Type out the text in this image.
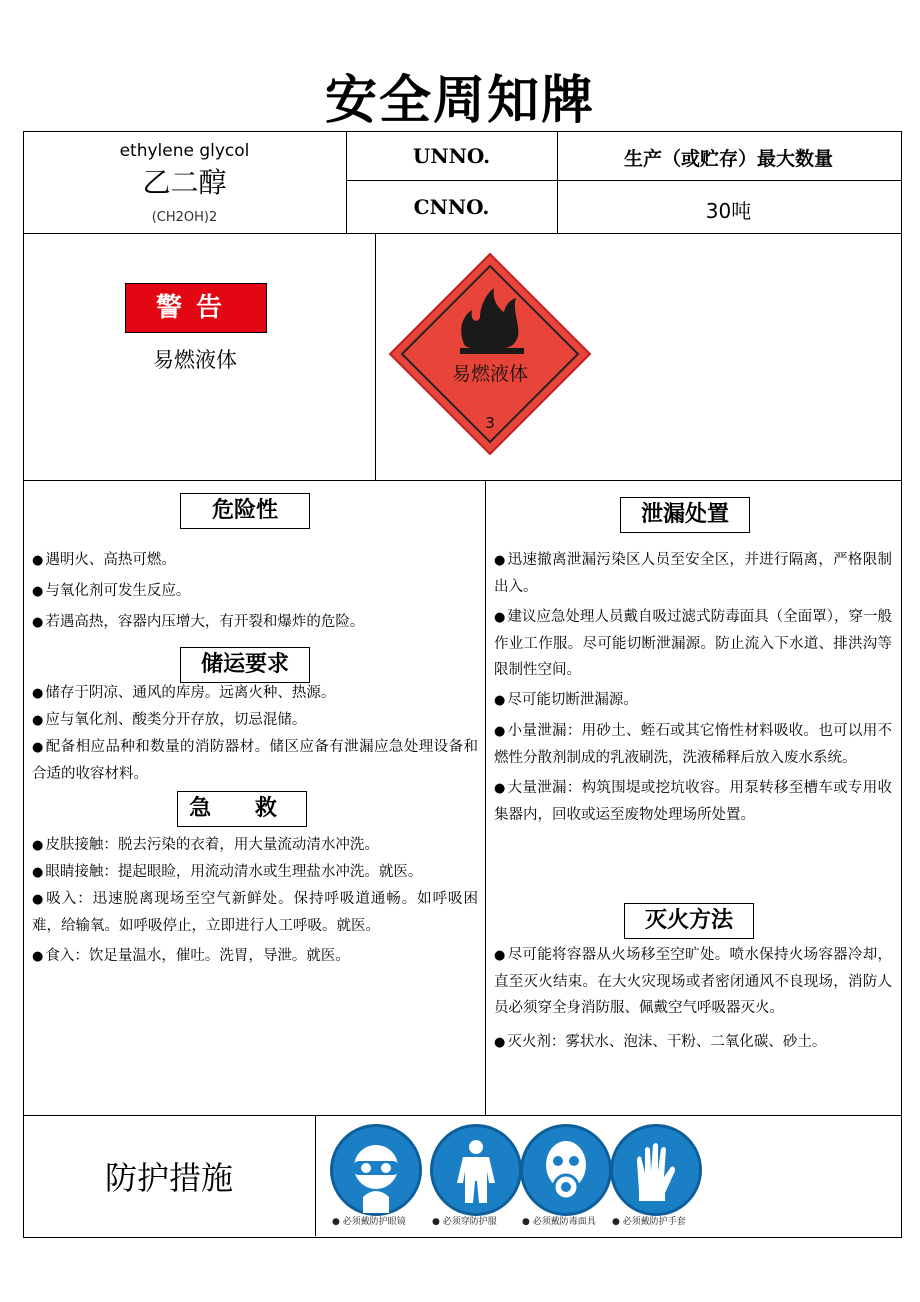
安全周知牌
ethylene glycol
乙二醇
(CH2OH)2
UNNO.
CNNO.
生产（或贮存）最大数量
30吨
警告
易燃液体
易燃液体
3
危险性
● 遇明火、高热可燃。
● 与氧化剂可发生反应。
● 若遇高热，容器内压增大，有开裂和爆炸的危险。
储运要求
● 储存于阴凉、通风的库房。远离火种、热源。
● 应与氧化剂、酸类分开存放，切忌混储。
● 配备相应品种和数量的消防器材。储区应备有泄漏应急处理设备和合适的收容材料。
急 救
● 皮肤接触：脱去污染的衣着，用大量流动清水冲洗。
● 眼睛接触：提起眼睑，用流动清水或生理盐水冲洗。就医。
● 吸入：迅速脱离现场至空气新鲜处。保持呼吸道通畅。如呼吸困难，给输氧。如呼吸停止，立即进行人工呼吸。就医。
● 食入：饮足量温水，催吐。洗胃，导泄。就医。
泄漏处置
● 迅速撤离泄漏污染区人员至安全区，并进行隔离，严格限制出入。
● 建议应急处理人员戴自吸过滤式防毒面具（全面罩），穿一般作业工作服。尽可能切断泄漏源。防止流入下水道、排洪沟等限制性空间。
● 尽可能切断泄漏源。
● 小量泄漏：用砂土、蛭石或其它惰性材料吸收。也可以用不燃性分散剂制成的乳液刷洗，洗液稀释后放入废水系统。
● 大量泄漏：构筑围堤或挖坑收容。用泵转移至槽车或专用收集器内，回收或运至废物处理场所处置。
灭火方法
● 尽可能将容器从火场移至空旷处。喷水保持火场容器冷却，直至灭火结束。在大火灾现场或者密闭通风不良现场，消防人员必须穿全身消防服、佩戴空气呼吸器灭火。
● 灭火剂：雾状水、泡沫、干粉、二氧化碳、砂土。
防护措施
● 必须戴防护眼镜	● 必须穿防护服	● 必须戴防毒面具 ● 必须戴防护手套
